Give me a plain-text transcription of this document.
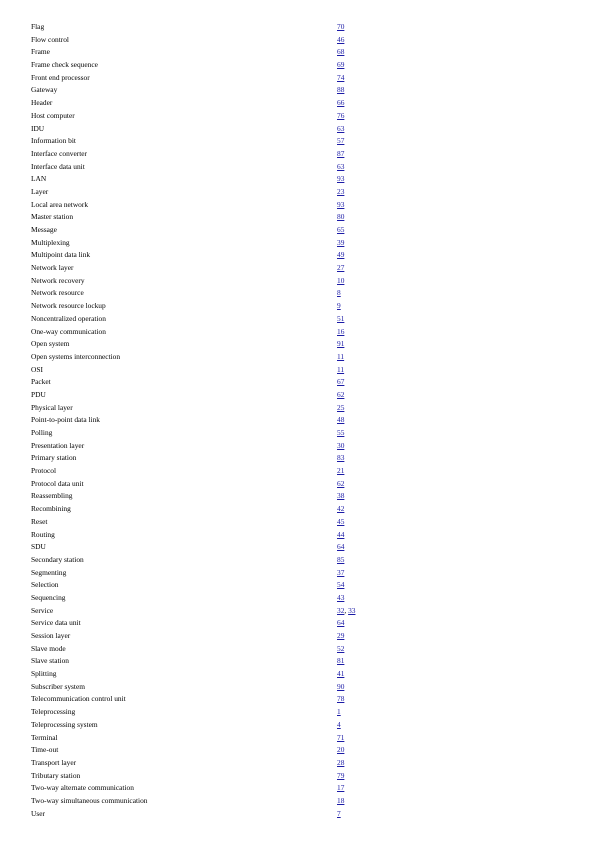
Flag	70
Flow control	46
Frame	68
Frame check sequence	69
Front end processor	74
Gateway	88
Header	66
Host computer	76
IDU	63
Information bit	57
Interface converter	87
Interface data unit	63
LAN	93
Layer	23
Local area network	93
Master station	80
Message	65
Multiplexing	39
Multipoint data link	49
Network layer	27
Network recovery	10
Network resource	8
Network resource lockup	9
Noncentralized operation	51
One-way communication	16
Open system	91
Open systems interconnection	11
OSI	11
Packet	67
PDU	62
Physical layer	25
Point-to-point data link	48
Polling	55
Presentation layer	30
Primary station	83
Protocol	21
Protocol data unit	62
Reassembling	38
Recombining	42
Reset	45
Routing	44
SDU	64
Secondary station	85
Segmenting	37
Selection	54
Sequencing	43
Service	32, 33
Service data unit	64
Session layer	29
Slave mode	52
Slave station	81
Splitting	41
Subscriber system	90
Telecommunication control unit	78
Teleprocessing	1
Teleprocessing system	4
Terminal	71
Time-out	20
Transport layer	28
Tributary station	79
Two-way alternate communication	17
Two-way simultaneous communication	18
User	7
